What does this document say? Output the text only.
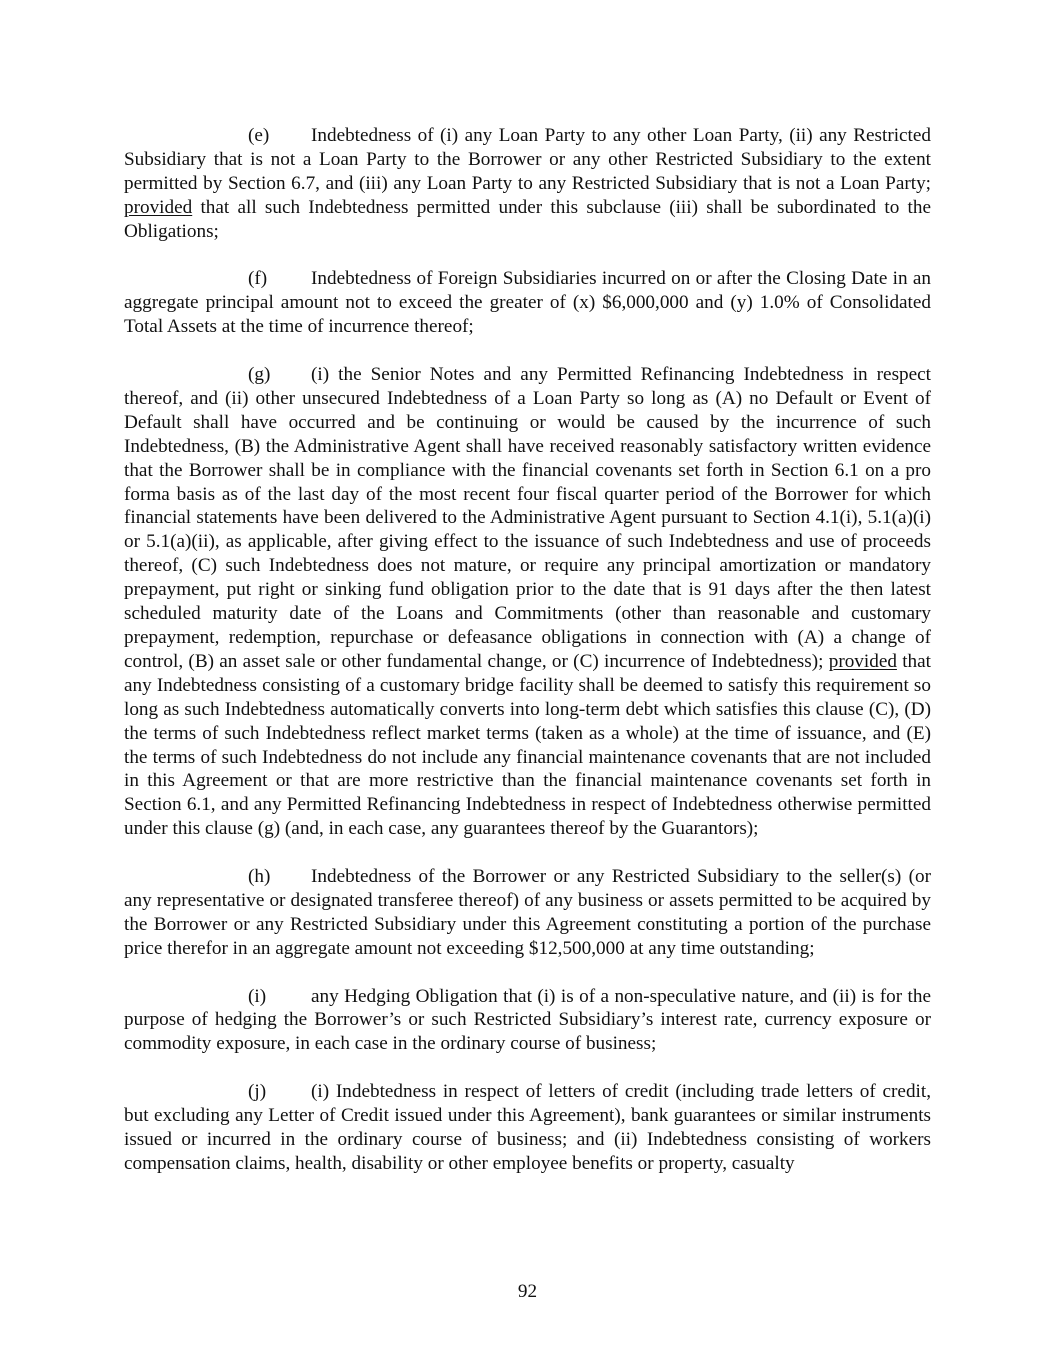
(e) Indebtedness of (i) any Loan Party to any other Loan Party, (ii) any Restricted Subsidiary that is not a Loan Party to the Borrower or any other Restricted Subsidiary to the extent permitted by Section 6.7, and (iii) any Loan Party to any Restricted Subsidiary that is not a Loan Party; provided that all such Indebtedness permitted under this subclause (iii) shall be subordinated to the Obligations;

(f) Indebtedness of Foreign Subsidiaries incurred on or after the Closing Date in an aggregate principal amount not to exceed the greater of (x) $6,000,000 and (y) 1.0% of Consolidated Total Assets at the time of incurrence thereof;

(g) (i) the Senior Notes and any Permitted Refinancing Indebtedness in respect thereof, and (ii) other unsecured Indebtedness of a Loan Party so long as (A) no Default or Event of Default shall have occurred and be continuing or would be caused by the incurrence of such Indebtedness, (B) the Administrative Agent shall have received reasonably satisfactory written evidence that the Borrower shall be in compliance with the financial covenants set forth in Section 6.1 on a pro forma basis as of the last day of the most recent four fiscal quarter period of the Borrower for which financial statements have been delivered to the Administrative Agent pursuant to Section 4.1(i), 5.1(a)(i) or 5.1(a)(ii), as applicable, after giving effect to the issuance of such Indebtedness and use of proceeds thereof, (C) such Indebtedness does not mature, or require any principal amortization or mandatory prepayment, put right or sinking fund obligation prior to the date that is 91 days after the then latest scheduled maturity date of the Loans and Commitments (other than reasonable and customary prepayment, redemption, repurchase or defeasance obligations in connection with (A) a change of control, (B) an asset sale or other fundamental change, or (C) incurrence of Indebtedness); provided that any Indebtedness consisting of a customary bridge facility shall be deemed to satisfy this requirement so long as such Indebtedness automatically converts into long-term debt which satisfies this clause (C), (D) the terms of such Indebtedness reflect market terms (taken as a whole) at the time of issuance, and (E) the terms of such Indebtedness do not include any financial maintenance covenants that are not included in this Agreement or that are more restrictive than the financial maintenance covenants set forth in Section 6.1, and any Permitted Refinancing Indebtedness in respect of Indebtedness otherwise permitted under this clause (g) (and, in each case, any guarantees thereof by the Guarantors);

(h) Indebtedness of the Borrower or any Restricted Subsidiary to the seller(s) (or any representative or designated transferee thereof) of any business or assets permitted to be acquired by the Borrower or any Restricted Subsidiary under this Agreement constituting a portion of the purchase price therefor in an aggregate amount not exceeding $12,500,000 at any time outstanding;

(i) any Hedging Obligation that (i) is of a non-speculative nature, and (ii) is for the purpose of hedging the Borrower’s or such Restricted Subsidiary’s interest rate, currency exposure or commodity exposure, in each case in the ordinary course of business;

(j) (i) Indebtedness in respect of letters of credit (including trade letters of credit, but excluding any Letter of Credit issued under this Agreement), bank guarantees or similar instruments issued or incurred in the ordinary course of business; and (ii) Indebtedness consisting of workers compensation claims, health, disability or other employee benefits or property, casualty

92
